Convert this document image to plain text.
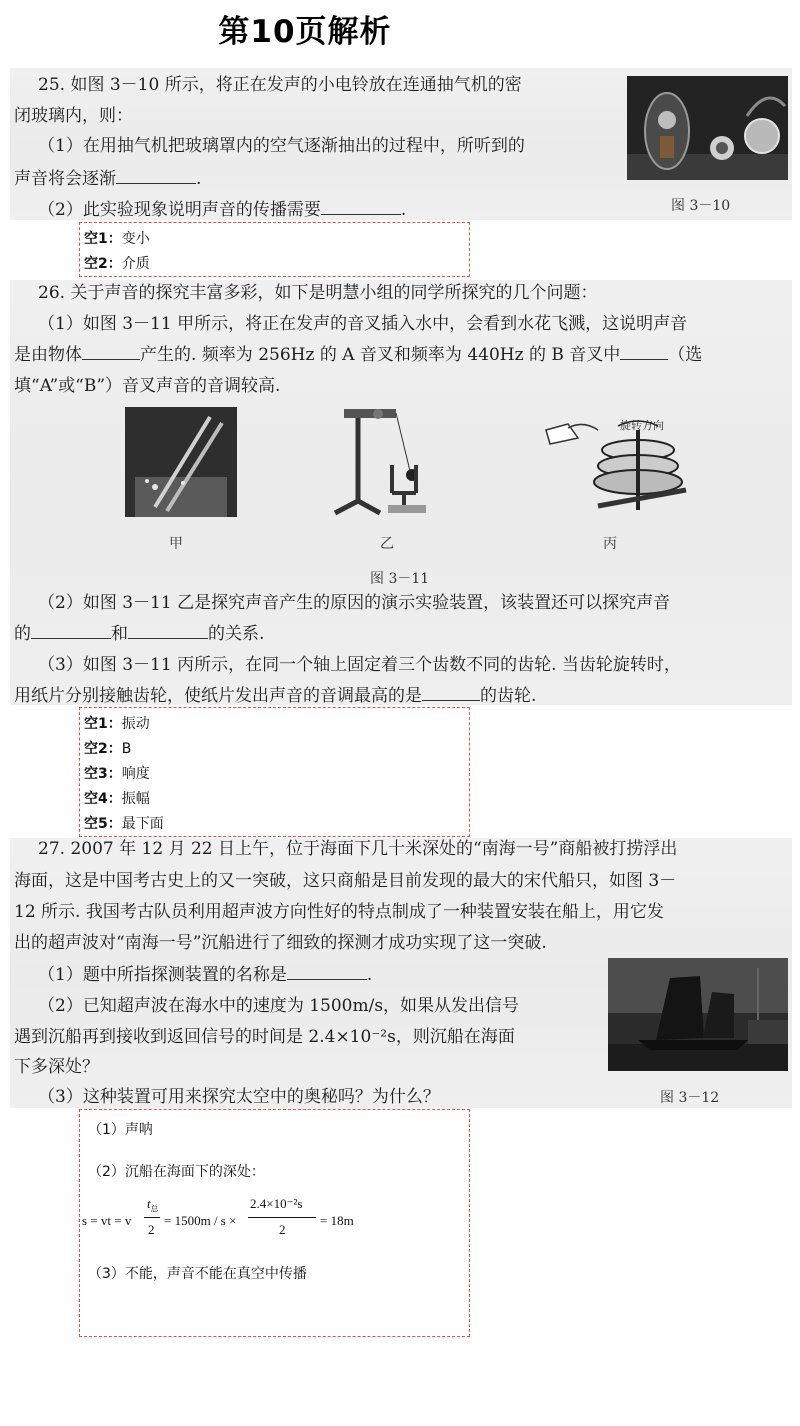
第10页解析
25. 如图 3－10 所示，将正在发声的小电铃放在连通抽气机的密
闭玻璃内，则：
（1）在用抽气机把玻璃罩内的空气逐渐抽出的过程中，所听到的
声音将会逐渐	.
（2）此实验现象说明声音的传播需要	.	图 3－10
空1：变小
空2：介质
26. 关于声音的探究丰富多彩，如下是明慧小组的同学所探究的几个问题：
（1）如图 3－11 甲所示，将正在发声的音叉插入水中，会看到水花飞溅，这说明声音
是由物体	产生的. 频率为 256Hz 的 A 音叉和频率为 440Hz 的 B 音叉中	（选
填“A”或“B”）音叉声音的音调较高.
甲	乙
旋转方向
丙
图 3－11
（2）如图 3－11 乙是探究声音产生的原因的演示实验装置，该装置还可以探究声音
的	和	的关系.
（3）如图 3－11 丙所示，在同一个轴上固定着三个齿数不同的齿轮. 当齿轮旋转时，
用纸片分别接触齿轮，使纸片发出声音的音调最高的是	的齿轮.
空1：振动
空2：B
空3：响度
空4：振幅
空5：最下面
27. 2007 年 12 月 22 日上午，位于海面下几十米深处的“南海一号”商船被打捞浮出
海面，这是中国考古史上的又一突破，这只商船是目前发现的最大的宋代船只，如图 3－
12 所示. 我国考古队员利用超声波方向性好的特点制成了一种装置安装在船上，用它发
出的超声波对“南海一号”沉船进行了细致的探测才成功实现了这一突破.
（1）题中所指探测装置的名称是	.
（2）已知超声波在海水中的速度为 1500m/s，如果从发出信号
遇到沉船再到接收到返回信号的时间是 2.4×10⁻²s，则沉船在海面
下多深处？
（3）这种装置可用来探究太空中的奥秘吗？为什么？	图 3－12
（1）声呐
（2）沉船在海面下的深处：
s = vt = v
$t_总$
2
= 1500m / s ×
2.4×10⁻²s
2
= 18m
（3）不能，声音不能在真空中传播
